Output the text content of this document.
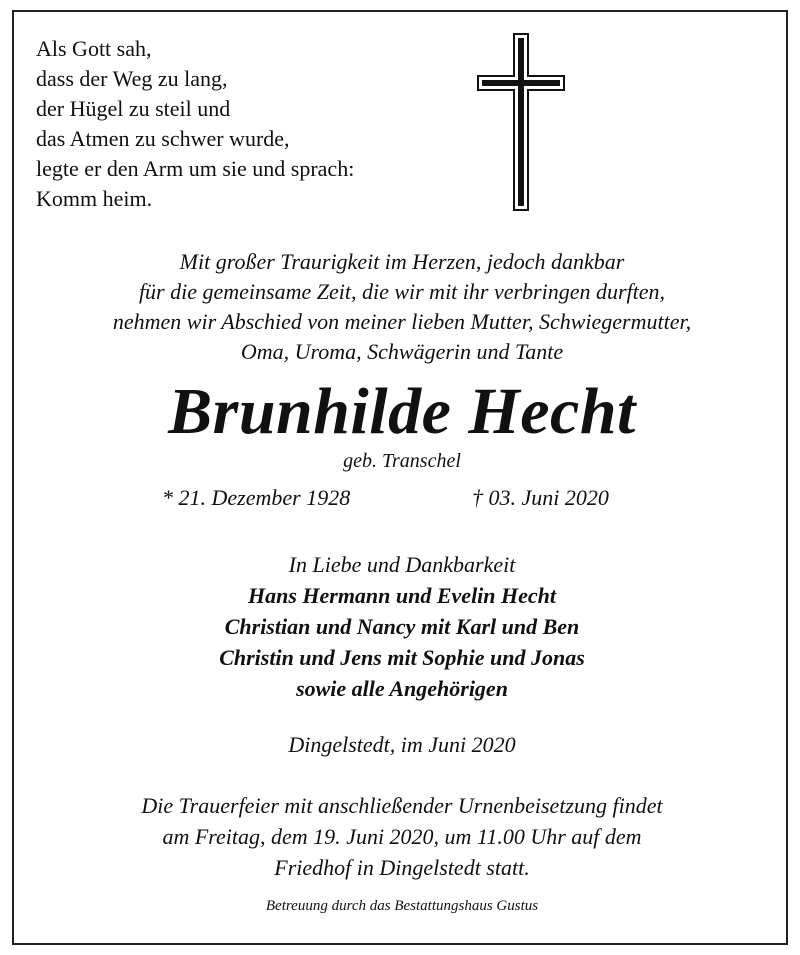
Als Gott sah,
dass der Weg zu lang,
der Hügel zu steil und
das Atmen zu schwer wurde,
legte er den Arm um sie und sprach:
Komm heim.
Mit großer Traurigkeit im Herzen, jedoch dankbar
für die gemeinsame Zeit, die wir mit ihr verbringen durften,
nehmen wir Abschied von meiner lieben Mutter, Schwiegermutter,
Oma, Uroma, Schwägerin und Tante
Brunhilde Hecht
geb. Transchel
* 21. Dezember 1928	† 03. Juni 2020
In Liebe und Dankbarkeit
Hans Hermann und Evelin Hecht
Christian und Nancy mit Karl und Ben
Christin und Jens mit Sophie und Jonas
sowie alle Angehörigen
Dingelstedt, im Juni 2020
Die Trauerfeier mit anschließender Urnenbeisetzung findet
am Freitag, dem 19. Juni 2020, um 11.00 Uhr auf dem
Friedhof in Dingelstedt statt.
Betreuung durch das Bestattungshaus Gustus
